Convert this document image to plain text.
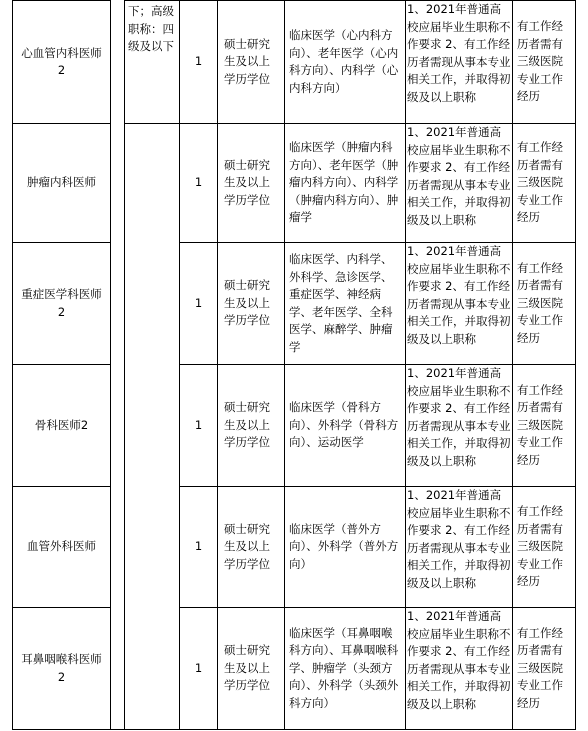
心血管内科医师2		下；高级职称：四级及以下	1	硕士研究生及以上学历学位	临床医学（心内科方向）、老年医学（心内科方向）、内科学（心内科方向）	1、2021年普通高校应届毕业生职称不作要求 2、有工作经历者需现从事本专业相关工作，并取得初级及以上职称	有工作经历者需有三级医院专业工作经历

肿瘤内科医师			1	硕士研究生及以上学历学位	临床医学（肿瘤内科方向）、老年医学（肿瘤内科方向）、内科学（肿瘤内科方向）、肿瘤学	1、2021年普通高校应届毕业生职称不作要求 2、有工作经历者需现从事本专业相关工作，并取得初级及以上职称	有工作经历者需有三级医院专业工作经历

重症医学科医师2			1	硕士研究生及以上学历学位	临床医学、内科学、外科学、急诊医学、重症医学、神经病学、老年医学、全科医学、麻醉学、肿瘤学	1、2021年普通高校应届毕业生职称不作要求 2、有工作经历者需现从事本专业相关工作，并取得初级及以上职称	有工作经历者需有三级医院专业工作经历

骨科医师2			1	硕士研究生及以上学历学位	临床医学（骨科方向）、外科学（骨科方向）、运动医学	1、2021年普通高校应届毕业生职称不作要求 2、有工作经历者需现从事本专业相关工作，并取得初级及以上职称	有工作经历者需有三级医院专业工作经历

血管外科医师			1	硕士研究生及以上学历学位	临床医学（普外方向）、外科学（普外方向）	1、2021年普通高校应届毕业生职称不作要求 2、有工作经历者需现从事本专业相关工作，并取得初级及以上职称	有工作经历者需有三级医院专业工作经历

耳鼻咽喉科医师2			1	硕士研究生及以上学历学位	临床医学（耳鼻咽喉科方向）、耳鼻咽喉科学、肿瘤学（头颈方向）、外科学（头颈外科方向）	1、2021年普通高校应届毕业生职称不作要求 2、有工作经历者需现从事本专业相关工作，并取得初级及以上职称	有工作经历者需有三级医院专业工作经历
